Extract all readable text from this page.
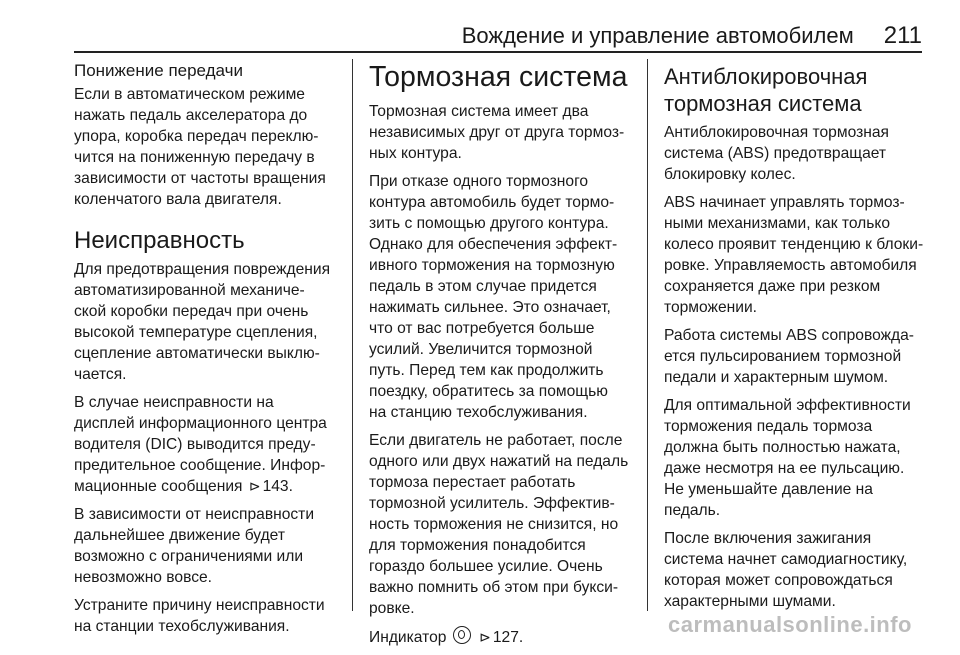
Вождение и управление автомобилем 211
Понижение передачи

Если в автоматическом режиме
нажать педаль акселератора до
упора, коробка передач переклю-
чится на пониженную передачу в
зависимости от частоты вращения
коленчатого вала двигателя.

Неисправность

Для предотвращения повреждения
автоматизированной механиче-
ской коробки передач при очень
высокой температуре сцепления,
сцепление автоматически выклю-
чается.

В случае неисправности на
дисплей информационного центра
водителя (DIC) выводится преду-
предительное сообщение. Инфор-
мационные сообщения ⊳ 143.

В зависимости от неисправности
дальнейшее движение будет
возможно с ограничениями или
невозможно вовсе.

Устраните причину неисправности
на станции техобслуживания.

Тормозная система

Тормозная система имеет два
независимых друг от друга тормоз-
ных контура.

При отказе одного тормозного
контура автомобиль будет тормо-
зить с помощью другого контура.
Однако для обеспечения эффект-
ивного торможения на тормозную
педаль в этом случае придется
нажимать сильнее. Это означает,
что от вас потребуется больше
усилий. Увеличится тормозной
путь. Перед тем как продолжить
поездку, обратитесь за помощью
на станцию техобслуживания.

Если двигатель не работает, после
одного или двух нажатий на педаль
тормоза перестает работать
тормозной усилитель. Эффектив-
ность торможения не снизится, но
для торможения понадобится
гораздо большее усилие. Очень
важно помнить об этом при букси-
ровке.

Индикатор ⊳ 127.

Антиблокировочная
тормозная система

Антиблокировочная тормозная
система (ABS) предотвращает
блокировку колес.

ABS начинает управлять тормоз-
ными механизмами, как только
колесо проявит тенденцию к блоки-
ровке. Управляемость автомобиля
сохраняется даже при резком
торможении.

Работа системы ABS сопровожда-
ется пульсированием тормозной
педали и характерным шумом.

Для оптимальной эффективности
торможения педаль тормоза
должна быть полностью нажата,
даже несмотря на ее пульсацию.
Не уменьшайте давление на
педаль.

После включения зажигания
система начнет самодиагностику,
которая может сопровождаться
характерными шумами.

carmanualsonline.info
